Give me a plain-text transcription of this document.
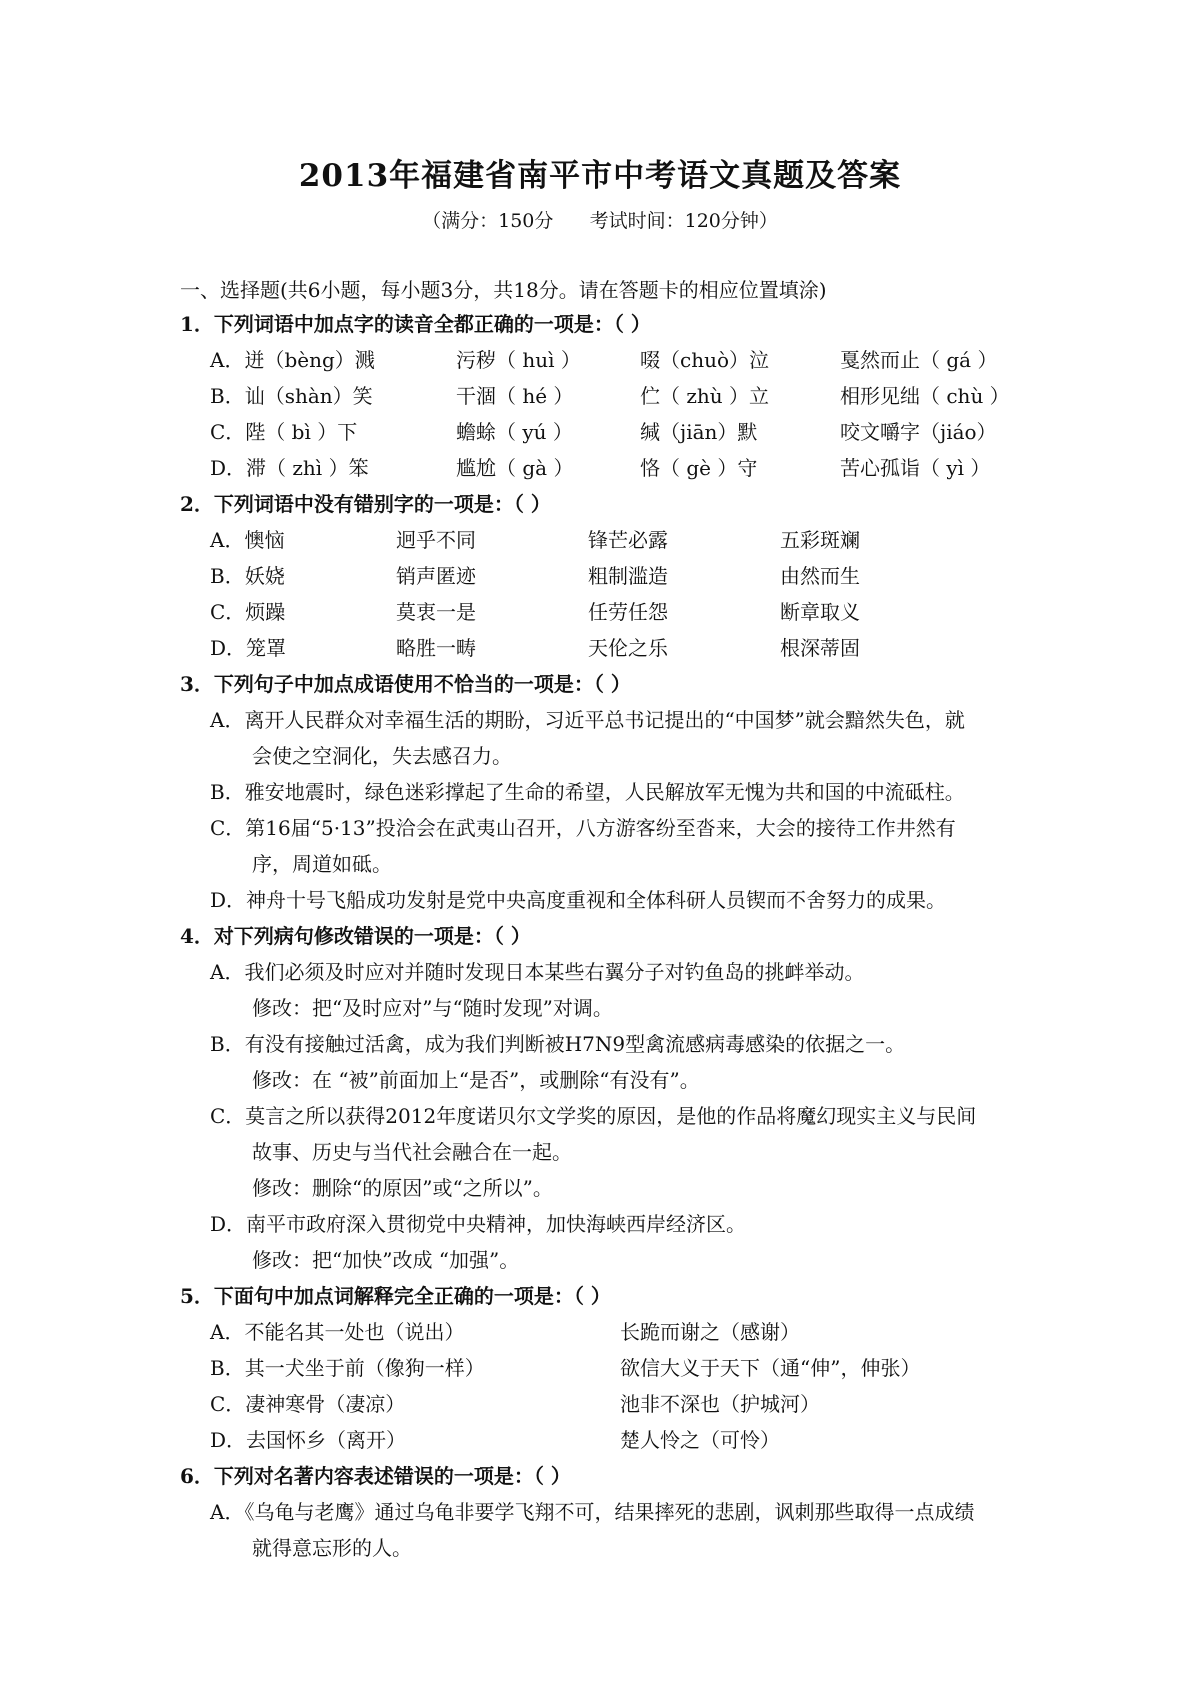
2013年福建省南平市中考语文真题及答案
（满分：150分      考试时间：120分钟）
一、选择题(共6小题，每小题3分，共18分。请在答题卡的相应位置填涂)
1．下列词语中加点字的读音全都正确的一项是：（ ）
A．迸（bèng）溅	污秽（ huì ）	啜（chuò）泣	戛然而止（ gá ）
B．讪（shàn）笑	干涸（ hé ）	伫（ zhù ）立	相形见绌（ chù ）
C．陛（ bì ）下	蟾蜍（ yú ）	缄（jiān）默	咬文嚼字（jiáo）
D．滞（ zhì ）笨	尴尬（ gà ）	恪（ gè ）守	苦心孤诣（ yì ）
2．下列词语中没有错别字的一项是：（ ）
A．懊恼	迥乎不同	锋芒必露	五彩斑斓
B．妖娆	销声匿迹	粗制滥造	由然而生
C．烦躁	莫衷一是	任劳任怨	断章取义
D．笼罩	略胜一畴	天伦之乐	根深蒂固
3．下列句子中加点成语使用不恰当的一项是：（ ）
A．离开人民群众对幸福生活的期盼，习近平总书记提出的“中国梦”就会黯然失色，就
会使之空洞化，失去感召力。
B．雅安地震时，绿色迷彩撑起了生命的希望，人民解放军无愧为共和国的中流砥柱。
C．第16届“5·13”投洽会在武夷山召开，八方游客纷至沓来，大会的接待工作井然有
序，周道如砥。
D．神舟十号飞船成功发射是党中央高度重视和全体科研人员锲而不舍努力的成果。
4．对下列病句修改错误的一项是：（ ）
A．我们必须及时应对并随时发现日本某些右翼分子对钓鱼岛的挑衅举动。
修改：把“及时应对”与“随时发现”对调。
B．有没有接触过活禽，成为我们判断被H7N9型禽流感病毒感染的依据之一。
修改：在 “被”前面加上“是否”，或删除“有没有”。
C．莫言之所以获得2012年度诺贝尔文学奖的原因，是他的作品将魔幻现实主义与民间
故事、历史与当代社会融合在一起。
修改：删除“的原因”或“之所以”。
D．南平市政府深入贯彻党中央精神，加快海峡西岸经济区。
修改：把“加快”改成 “加强”。
5．下面句中加点词解释完全正确的一项是：（ ）
A．不能名其一处也（说出）	长跪而谢之（感谢）
B．其一犬坐于前（像狗一样）	欲信大义于天下（通“伸”，伸张）
C．凄神寒骨（凄凉）	池非不深也（护城河）
D．去国怀乡（离开）	楚人怜之（可怜）
6．下列对名著内容表述错误的一项是：（ ）
A．《乌龟与老鹰》通过乌龟非要学飞翔不可，结果摔死的悲剧，讽刺那些取得一点成绩
就得意忘形的人。
